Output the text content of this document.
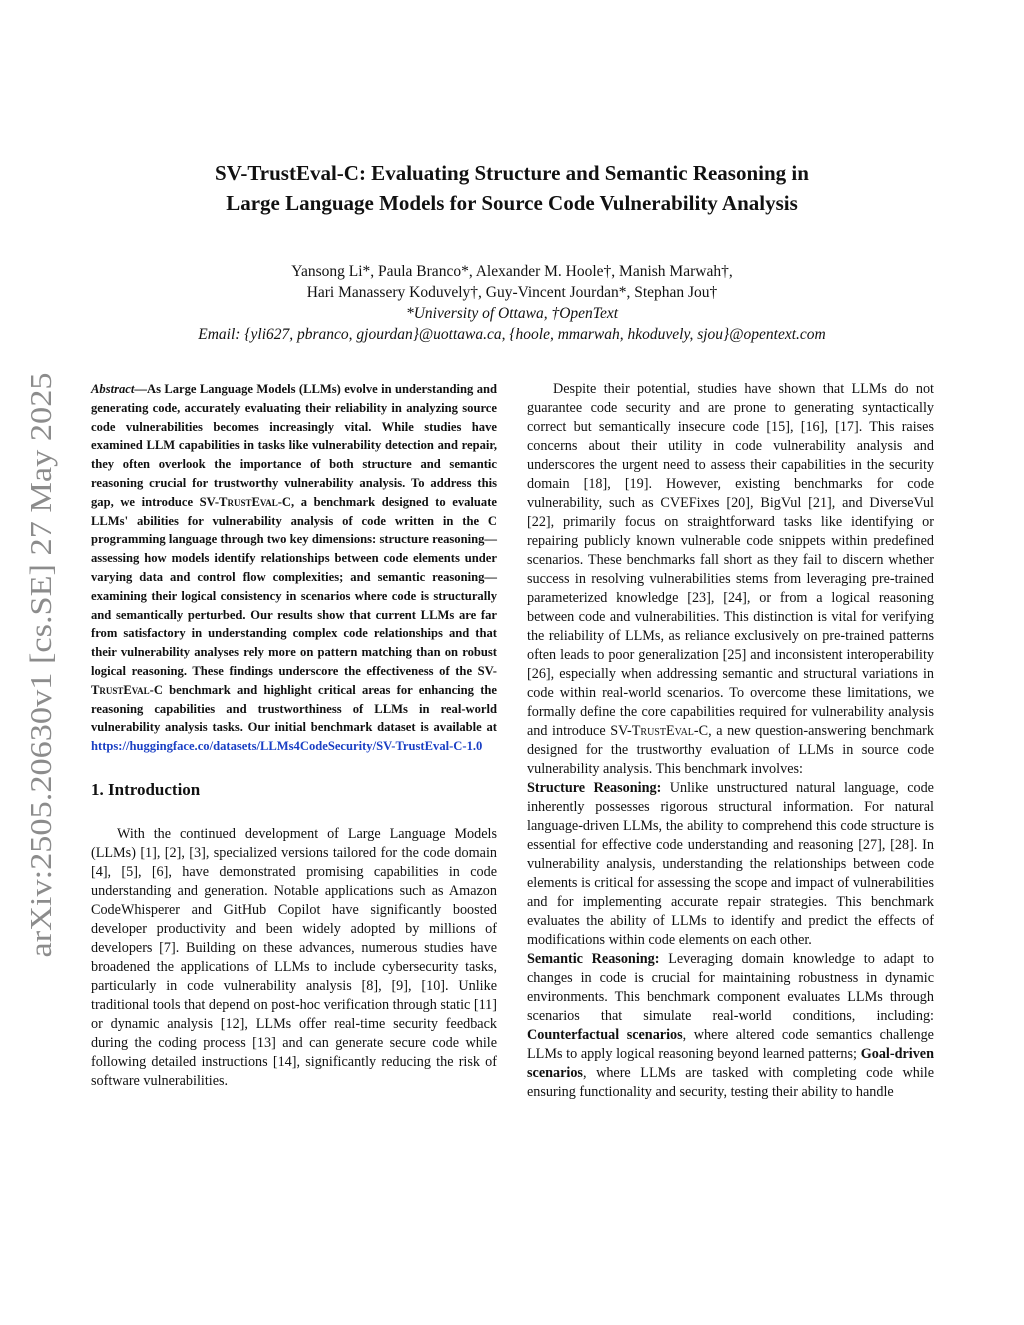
arXiv:2505.20630v1 [cs.SE] 27 May 2025
SV-TrustEval-C: Evaluating Structure and Semantic Reasoning in
Large Language Models for Source Code Vulnerability Analysis
Yansong Li*, Paula Branco*, Alexander M. Hoole†, Manish Marwah†,
Hari Manassery Koduvely†, Guy-Vincent Jourdan*, Stephan Jou†
*University of Ottawa, †OpenText
Email: {yli627, pbranco, gjourdan}@uottawa.ca, {hoole, mmarwah, hkoduvely, sjou}@opentext.com

Abstract—As Large Language Models (LLMs) evolve in understanding and generating code, accurately evaluating their reliability in analyzing source code vulnerabilities becomes increasingly vital. While studies have examined LLM capabilities in tasks like vulnerability detection and repair, they often overlook the importance of both structure and semantic reasoning crucial for trustworthy vulnerability analysis. To address this gap, we introduce SV-TrustEval-C, a benchmark designed to evaluate LLMs' abilities for vulnerability analysis of code written in the C programming language through two key dimensions: structure reasoning—assessing how models identify relationships between code elements under varying data and control flow complexities; and semantic reasoning—examining their logical consistency in scenarios where code is structurally and semantically perturbed. Our results show that current LLMs are far from satisfactory in understanding complex code relationships and that their vulnerability analyses rely more on pattern matching than on robust logical reasoning. These findings underscore the effectiveness of the SV-TrustEval-C benchmark and highlight critical areas for enhancing the reasoning capabilities and trustworthiness of LLMs in real-world vulnerability analysis tasks. Our initial benchmark dataset is available at https://huggingface.co/datasets/LLMs4CodeSecurity/SV-TrustEval-C-1.0

1. Introduction

With the continued development of Large Language Models (LLMs) [1], [2], [3], specialized versions tailored for the code domain [4], [5], [6], have demonstrated promising capabilities in code understanding and generation. Notable applications such as Amazon CodeWhisperer and GitHub Copilot have significantly boosted developer productivity and been widely adopted by millions of developers [7]. Building on these advances, numerous studies have broadened the applications of LLMs to include cybersecurity tasks, particularly in code vulnerability analysis [8], [9], [10]. Unlike traditional tools that depend on post-hoc verification through static [11] or dynamic analysis [12], LLMs offer real-time security feedback during the coding process [13] and can generate secure code while following detailed instructions [14], significantly reducing the risk of software vulnerabilities.

Despite their potential, studies have shown that LLMs do not guarantee code security and are prone to generating syntactically correct but semantically insecure code [15], [16], [17]. This raises concerns about their utility in code vulnerability analysis and underscores the urgent need to assess their capabilities in the security domain [18], [19]. However, existing benchmarks for code vulnerability, such as CVEFixes [20], BigVul [21], and DiverseVul [22], primarily focus on straightforward tasks like identifying or repairing publicly known vulnerable code snippets within predefined scenarios. These benchmarks fall short as they fail to discern whether success in resolving vulnerabilities stems from leveraging pre-trained parameterized knowledge [23], [24], or from a logical reasoning between code and vulnerabilities. This distinction is vital for verifying the reliability of LLMs, as reliance exclusively on pre-trained patterns often leads to poor generalization [25] and inconsistent interoperability [26], especially when addressing semantic and structural variations in code within real-world scenarios. To overcome these limitations, we formally define the core capabilities required for vulnerability analysis and introduce SV-TrustEval-C, a new question-answering benchmark designed for the trustworthy evaluation of LLMs in source code vulnerability analysis. This benchmark involves:

Structure Reasoning: Unlike unstructured natural language, code inherently possesses rigorous structural information. For natural language-driven LLMs, the ability to comprehend this code structure is essential for effective code understanding and reasoning [27], [28]. In vulnerability analysis, understanding the relationships between code elements is critical for assessing the scope and impact of vulnerabilities and for implementing accurate repair strategies. This benchmark evaluates the ability of LLMs to identify and predict the effects of modifications within code elements on each other.

Semantic Reasoning: Leveraging domain knowledge to adapt to changes in code is crucial for maintaining robustness in dynamic environments. This benchmark component evaluates LLMs through scenarios that simulate real-world conditions, including: Counterfactual scenarios, where altered code semantics challenge LLMs to apply logical reasoning beyond learned patterns; Goal-driven scenarios, where LLMs are tasked with completing code while ensuring functionality and security, testing their ability to handle
